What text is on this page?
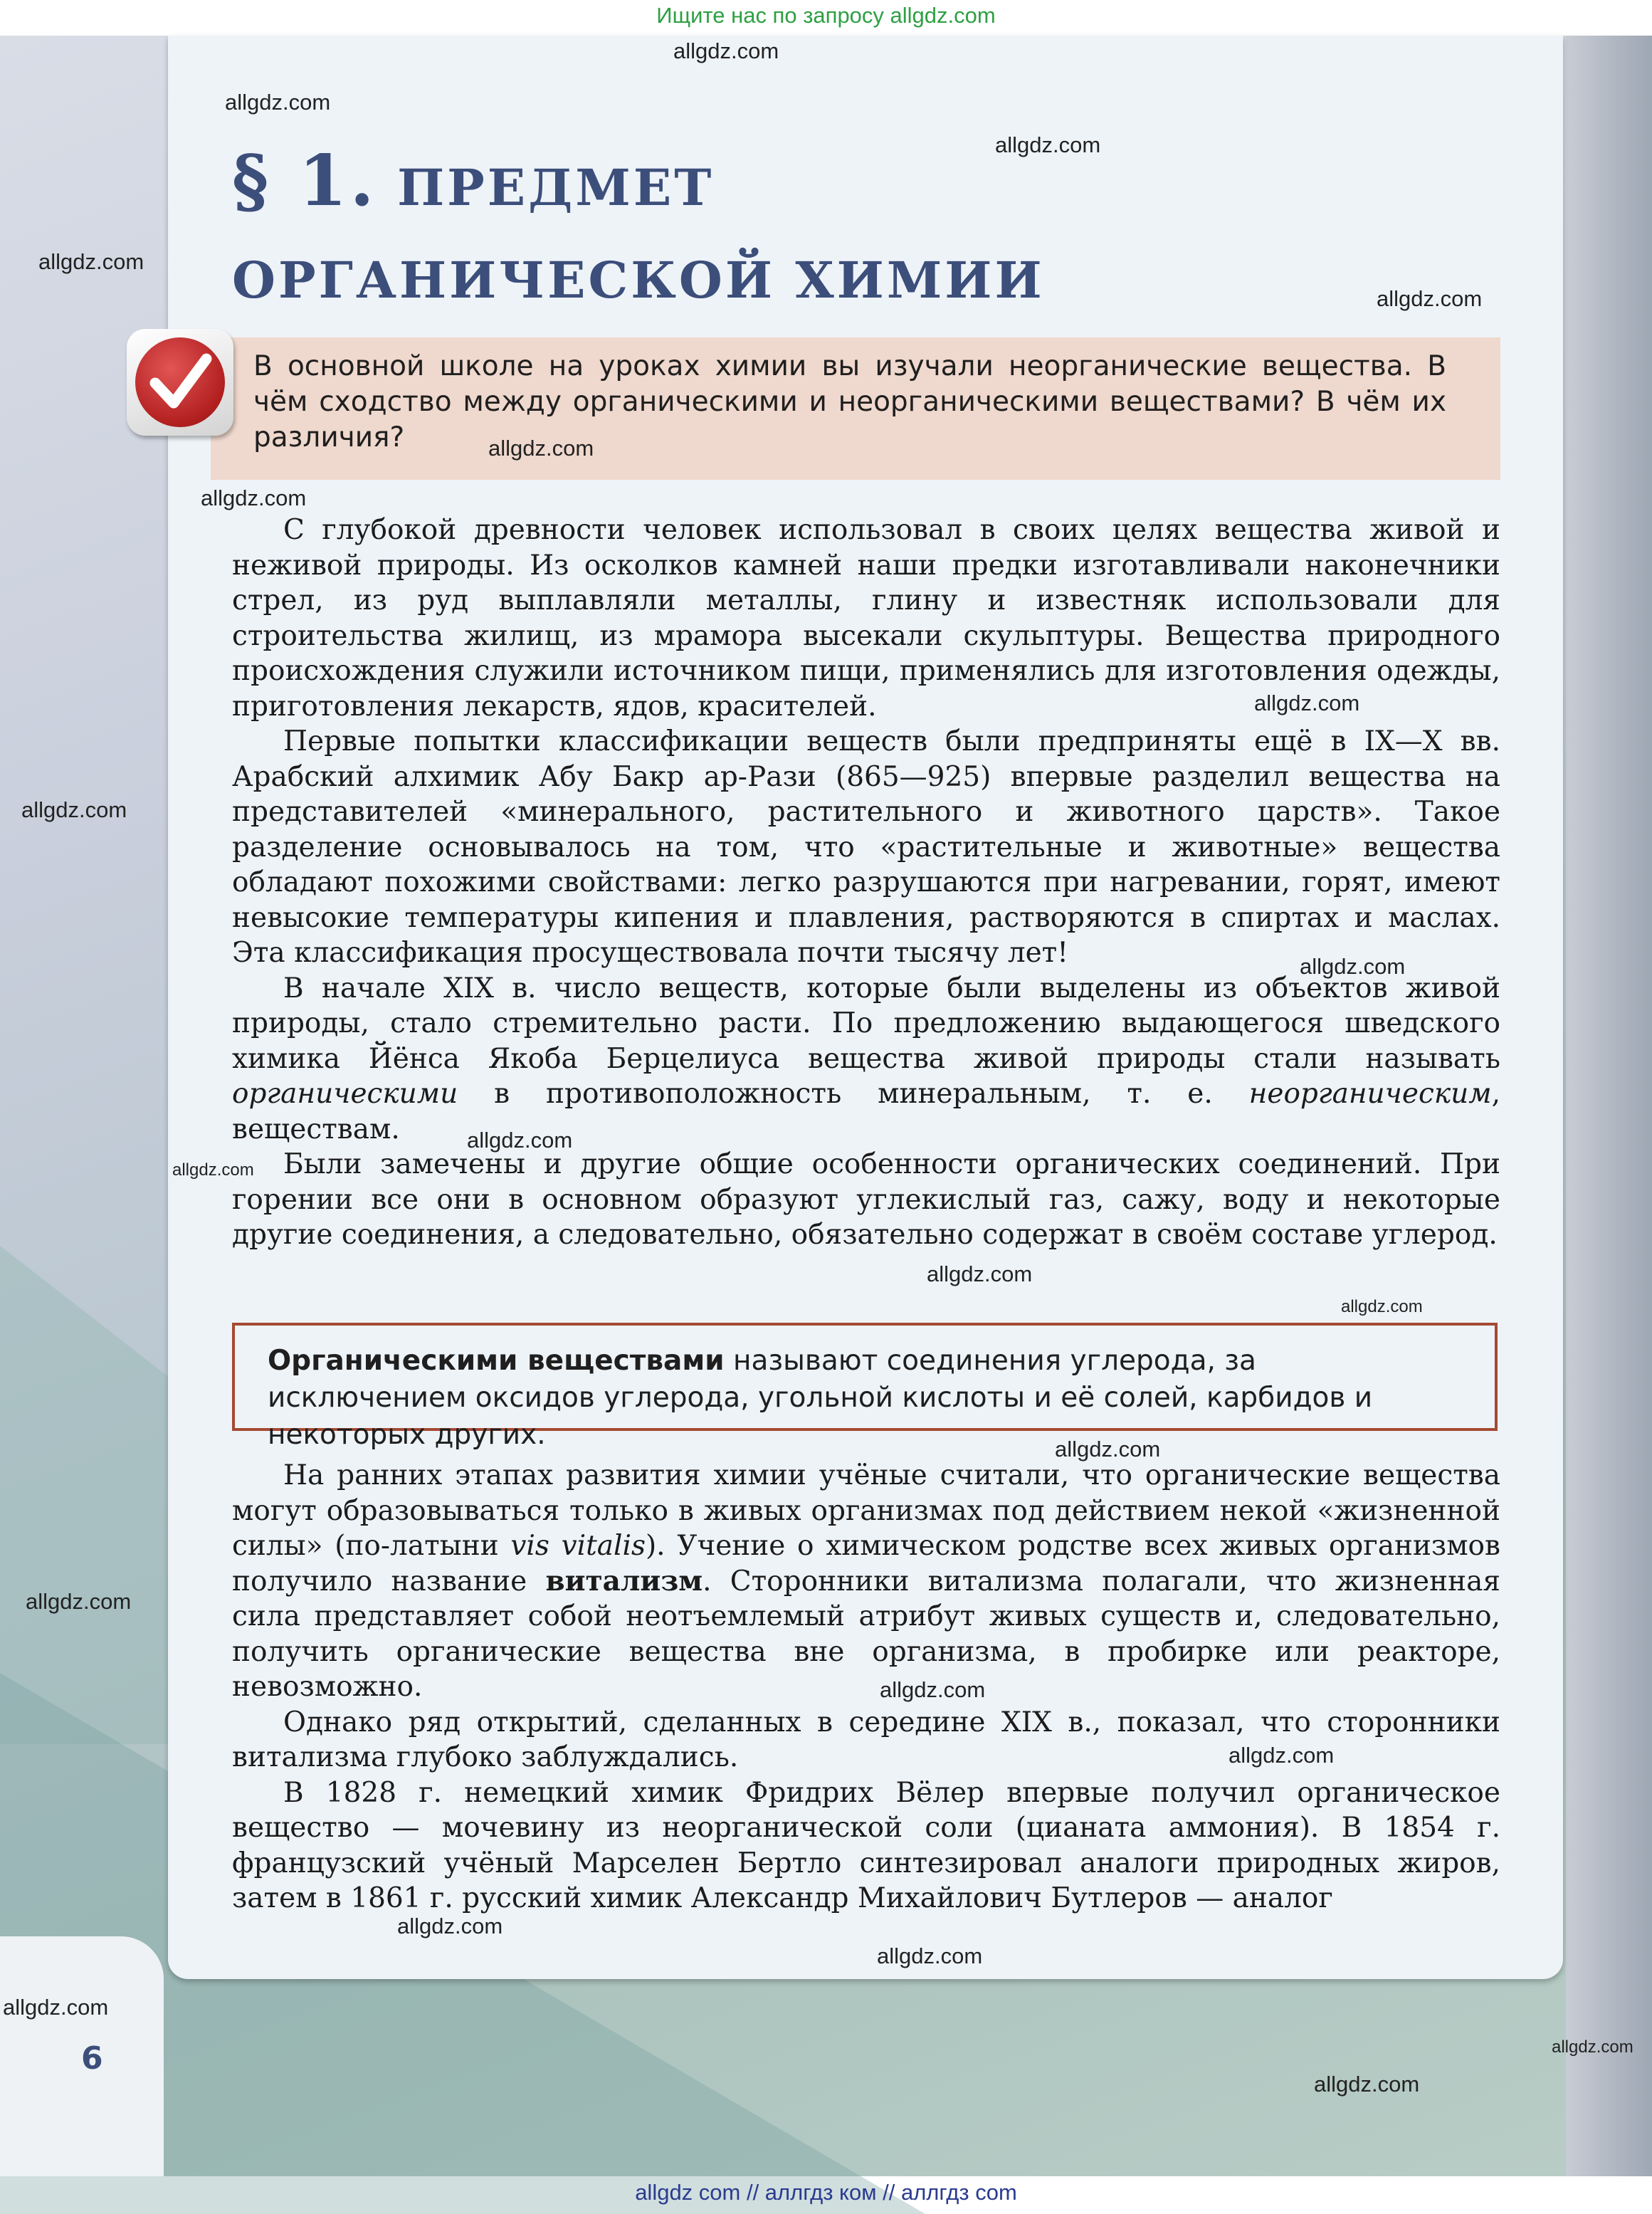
Ищите нас по запросу allgdz.com
§ 1. ПРЕДМЕТ
ОРГАНИЧЕСКОЙ ХИМИИ

В основной школе на уроках химии вы изучали неорганические вещества. В чём сходство между органическими и неорганическими веществами? В чём их различия?

С глубокой древности человек использовал в своих целях вещества живой и неживой природы. Из осколков камней наши предки изготавливали наконечники стрел, из руд выплавляли металлы, глину и известняк использовали для строительства жилищ, из мрамора высекали скульптуры. Вещества природного происхождения служили источником пищи, применялись для изготовления одежды, приготовления лекарств, ядов, красителей.

Первые попытки классификации веществ были предприняты ещё в IX—X вв. Арабский алхимик Абу Бакр ар-Рази (865—925) впервые разделил вещества на представителей «минерального, растительного и животного царств». Такое разделение основывалось на том, что «растительные и животные» вещества обладают похожими свойствами: легко разрушаются при нагревании, горят, имеют невысокие температуры кипения и плавления, растворяются в спиртах и маслах. Эта классификация просуществовала почти тысячу лет!

В начале XIX в. число веществ, которые были выделены из объектов живой природы, стало стремительно расти. По предложению выдающегося шведского химика Йёнса Якоба Берцелиуса вещества живой природы стали называть органическими в противоположность минеральным, т. е. неорганическим, веществам.

Были замечены и другие общие особенности органических соединений. При горении все они в основном образуют углекислый газ, сажу, воду и некоторые другие соединения, а следовательно, обязательно содержат в своём составе углерод.

Органическими веществами называют соединения углерода, за исключением оксидов углерода, угольной кислоты и её солей, карбидов и некоторых других.

На ранних этапах развития химии учёные считали, что органические вещества могут образовываться только в живых организмах под действием некой «жизненной силы» (по-латыни vis vitalis). Учение о химическом родстве всех живых организмов получило название витализм. Сторонники витализма полагали, что жизненная сила представляет собой неотъемлемый атрибут живых существ и, следовательно, получить органические вещества вне организма, в пробирке или реакторе, невозможно.

Однако ряд открытий, сделанных в середине XIX в., показал, что сторонники витализма глубоко заблуждались.

В 1828 г. немецкий химик Фридрих Вёлер впервые получил органическое вещество — мочевину из неорганической соли (цианата аммония). В 1854 г. французский учёный Марселен Бертло синтезировал аналоги природных жиров, затем в 1861 г. русский химик Александр Михайлович Бутлеров — аналог

6
allgdz.com
allgdz.com
allgdz.com
allgdz.com
allgdz.com
allgdz.com
allgdz.com
allgdz.com
allgdz.com
allgdz.com
allgdz.com
allgdz.com
allgdz.com
allgdz.com
allgdz.com
allgdz.com
allgdz.com
allgdz.com
allgdz.com
allgdz.com
allgdz.com
allgdz.com
allgdz.com
allgdz com // аллгдз ком // аллгдз com
